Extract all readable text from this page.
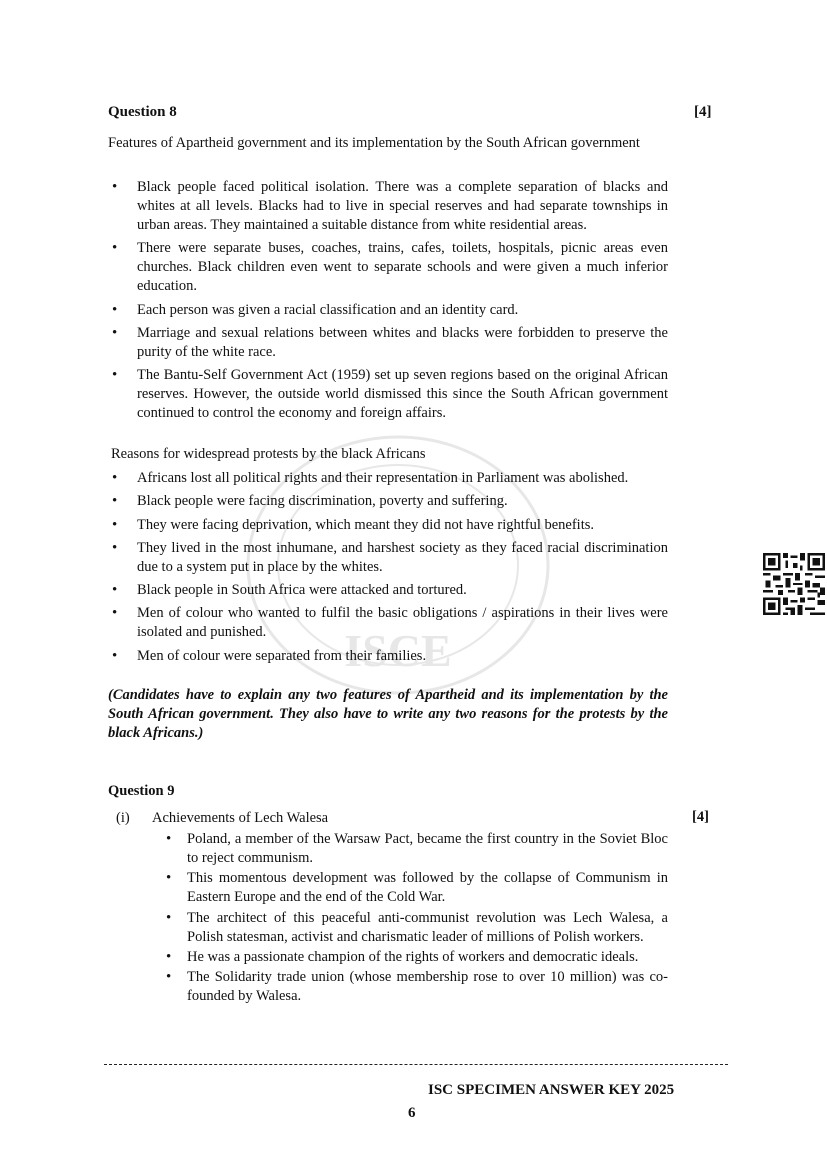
ISCE
Question 8	[4]
Features of Apartheid government and its implementation by the South African government
• Black people faced political isolation. There was a complete separation of blacks and whites at all levels. Blacks had to live in special reserves and had separate townships in urban areas. They maintained a suitable distance from white residential areas.
• There were separate buses, coaches, trains, cafes, toilets, hospitals, picnic areas even churches. Black children even went to separate schools and were given a much inferior education.
• Each person was given a racial classification and an identity card.
• Marriage and sexual relations between whites and blacks were forbidden to preserve the purity of the white race.
• The Bantu-Self Government Act (1959) set up seven regions based on the original African reserves. However, the outside world dismissed this since the South African government continued to control the economy and foreign affairs.
Reasons for widespread protests by the black Africans
• Africans lost all political rights and their representation in Parliament was abolished.
• Black people were facing discrimination, poverty and suffering.
• They were facing deprivation, which meant they did not have rightful benefits.
• They lived in the most inhumane, and harshest society as they faced racial discrimination due to a system put in place by the whites.
• Black people in South Africa were attacked and tortured.
• Men of colour who wanted to fulfil the basic obligations / aspirations in their lives were isolated and punished.
• Men of colour were separated from their families.
(Candidates have to explain any two features of Apartheid and its implementation by the South African government. They also have to write any two reasons for the protests by the black Africans.)
Question 9
(i) Achievements of Lech Walesa	[4]
• Poland, a member of the Warsaw Pact, became the first country in the Soviet Bloc to reject communism.
• This momentous development was followed by the collapse of Communism in Eastern Europe and the end of the Cold War.
• The architect of this peaceful anti-communist revolution was Lech Walesa, a Polish statesman, activist and charismatic leader of millions of Polish workers.
• He was a passionate champion of the rights of workers and democratic ideals.
• The Solidarity trade union (whose membership rose to over 10 million) was co-founded by Walesa.
ISC SPECIMEN ANSWER KEY 2025
6
